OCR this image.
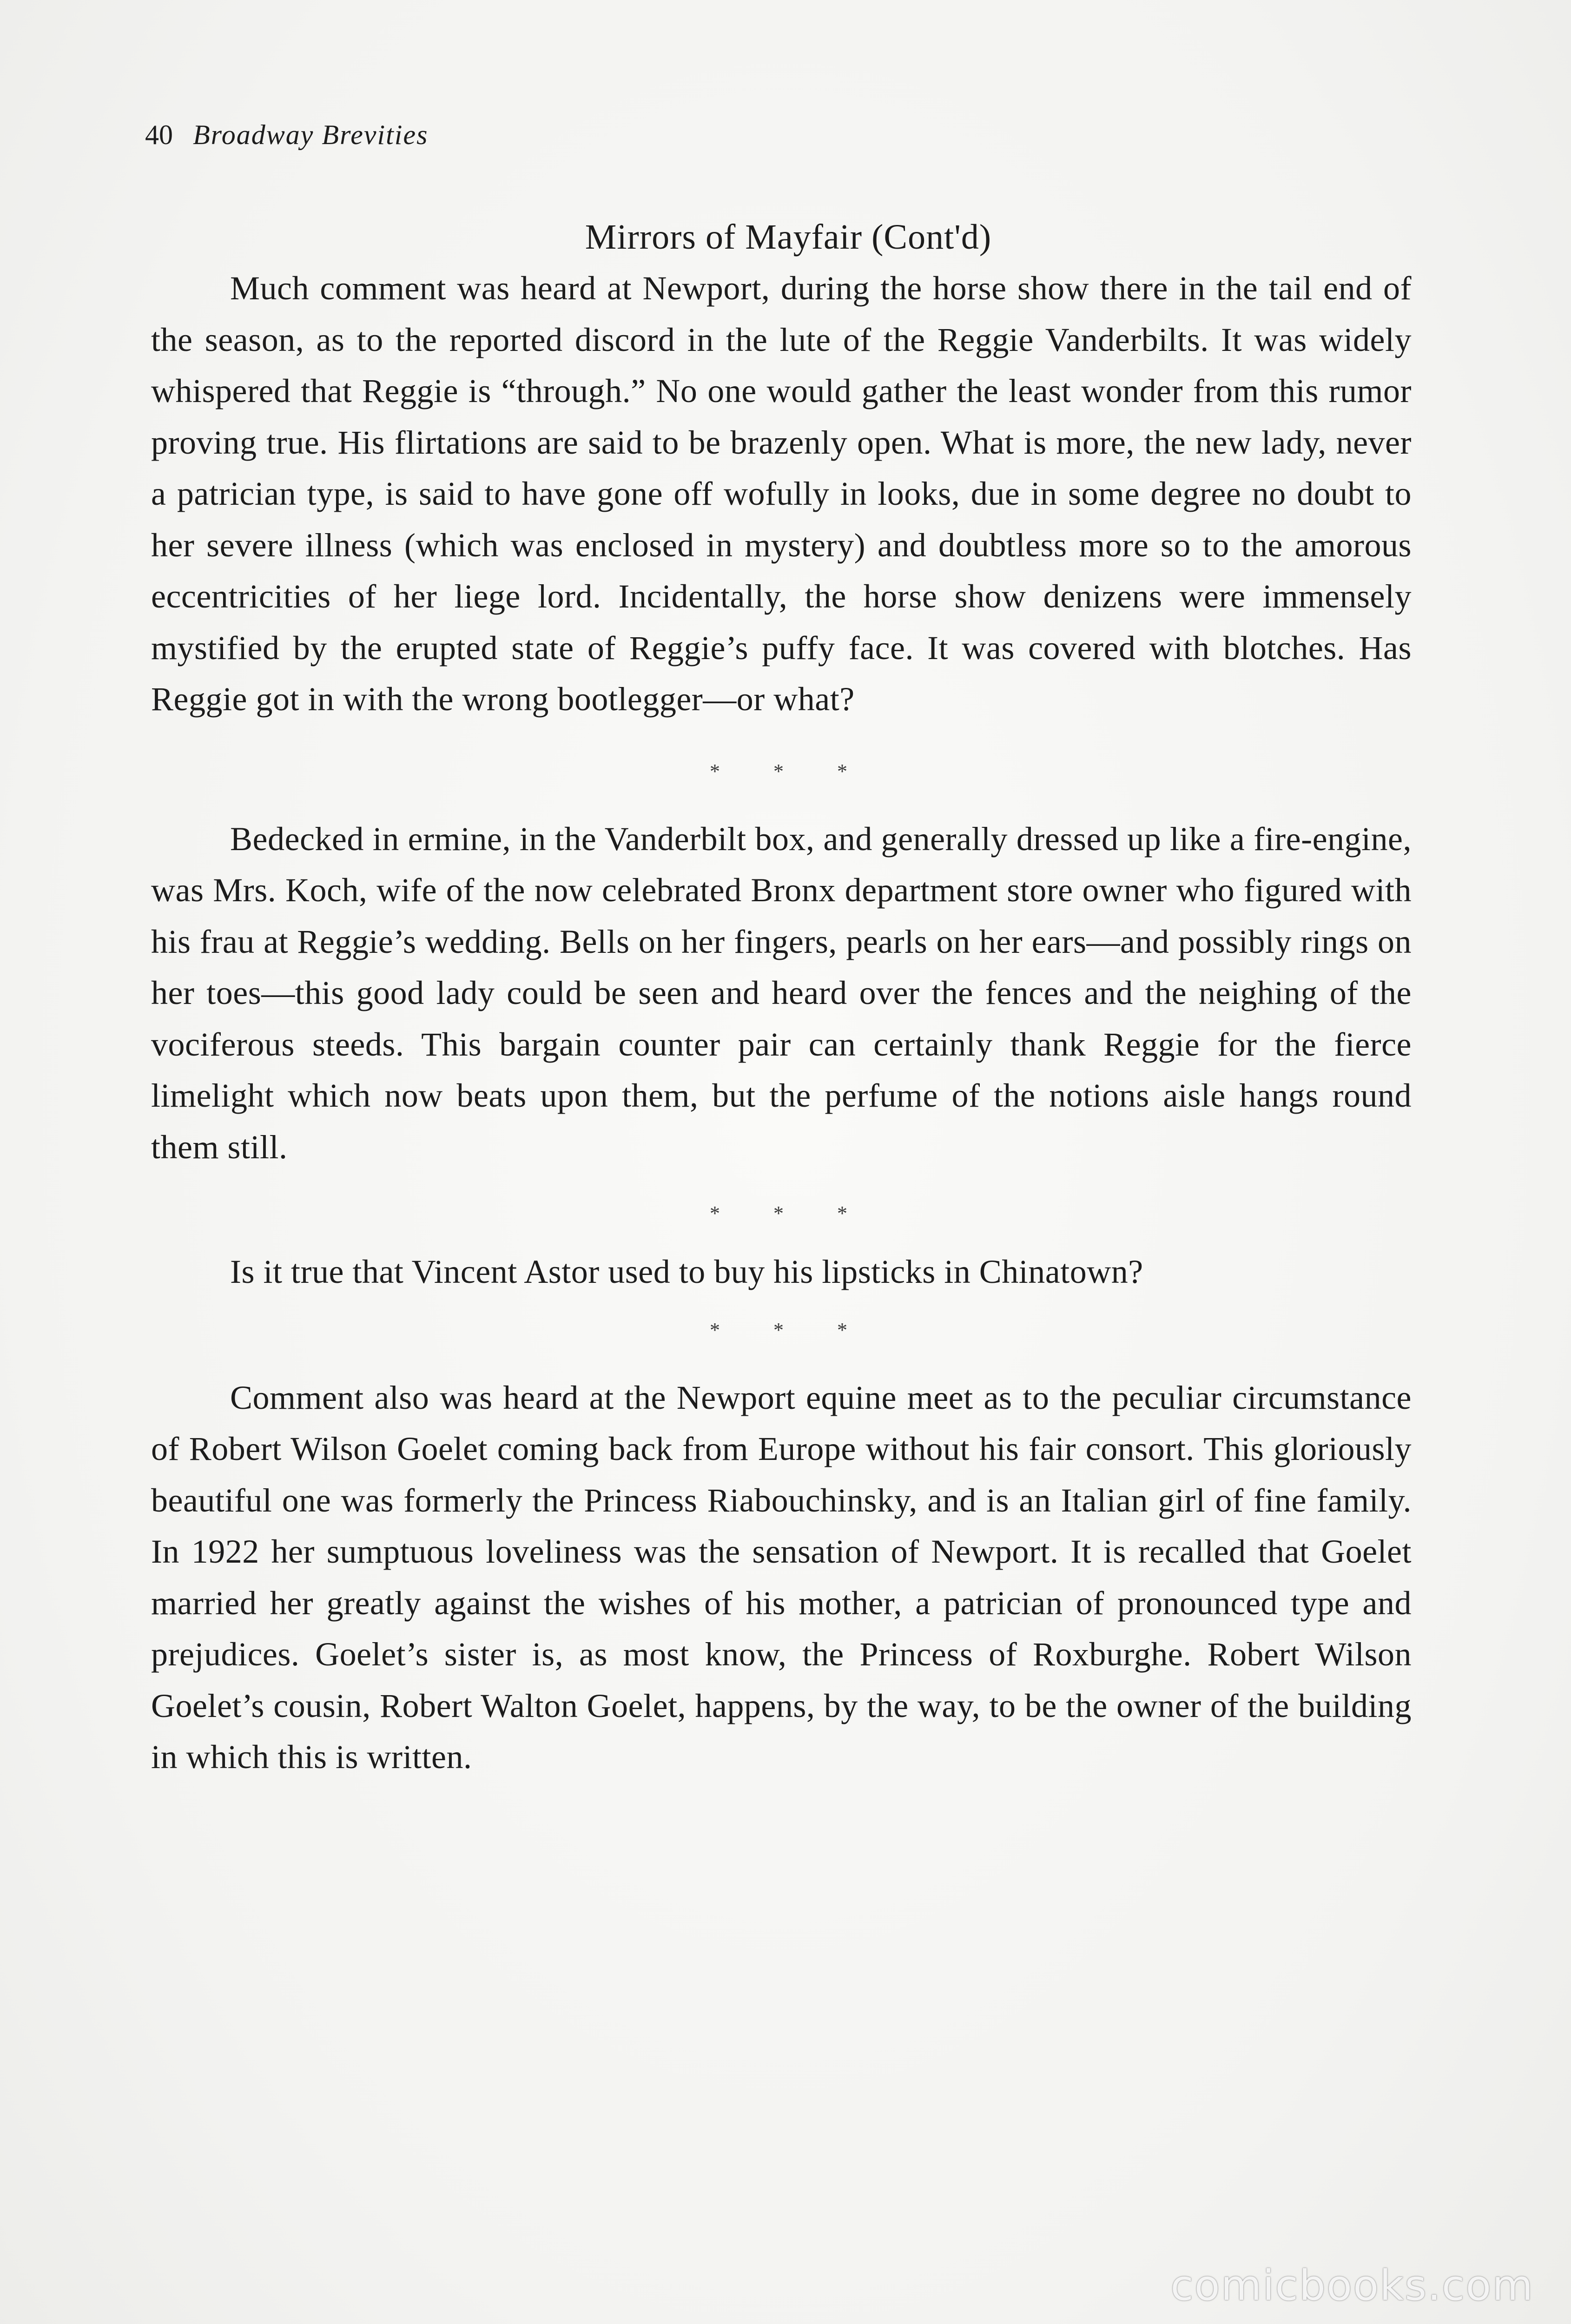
40 Broadway Brevities
Mirrors of Mayfair (Cont'd)

Much comment was heard at Newport, during the horse show there in the tail end of the season, as to the reported discord in the lute of the Reggie Vanderbilts. It was widely whispered that Reggie is “through.” No one would gather the least wonder from this rumor proving true. His flirtations are said to be brazenly open. What is more, the new lady, never a patrician type, is said to have gone off wofully in looks, due in some degree no doubt to her severe illness (which was enclosed in mystery) and doubtless more so to the amorous eccentricities of her liege lord. Incidentally, the horse show denizens were immensely mystified by the erupted state of Reggie’s puffy face. It was covered with blotches. Has Reggie got in with the wrong bootlegger—or what?

* * *

Bedecked in ermine, in the Vanderbilt box, and generally dressed up like a fire-engine, was Mrs. Koch, wife of the now celebrated Bronx department store owner who figured with his frau at Reggie’s wedding. Bells on her fingers, pearls on her ears—and possibly rings on her toes—this good lady could be seen and heard over the fences and the neighing of the vociferous steeds. This bargain counter pair can certainly thank Reggie for the fierce limelight which now beats upon them, but the perfume of the notions aisle hangs round them still.

* * *

Is it true that Vincent Astor used to buy his lipsticks in Chinatown?

* * *

Comment also was heard at the Newport equine meet as to the peculiar circumstance of Robert Wilson Goelet coming back from Europe without his fair consort. This gloriously beautiful one was formerly the Princess Riabouchinsky, and is an Italian girl of fine family. In 1922 her sumptuous loveliness was the sensation of Newport. It is recalled that Goelet married her greatly against the wishes of his mother, a patrician of pronounced type and prejudices. Goelet’s sister is, as most know, the Princess of Roxburghe. Robert Wilson Goelet’s cousin, Robert Walton Goelet, happens, by the way, to be the owner of the building in which this is written.

comicbooks.com
